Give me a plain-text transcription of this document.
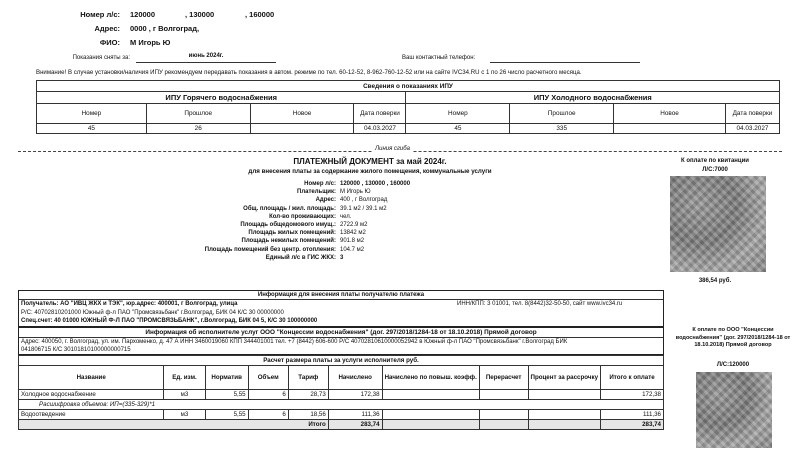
Номер л/с: 120000	, 130000	, 160000
Адрес: 0000 , г Волгоград,
ФИО: М Игорь Ю
Показания сняты за:	июнь 2024г.	Ваш контактный телефон:
Внимание! В случае установки/наличия ИПУ рекомендуем передавать показания в автом. режиме по тел. 60-12-52, 8-962-760-12-52 или на сайте IVC34.RU с 1 по 26 число расчетного месяца.
Сведения о показаниях ИПУ							
ИПУ Горячего водоснабжения				ИПУ Холодного водоснабжения			
Номер	Прошлое	Новое	Дата поверки	Номер	Прошлое	Новое	Дата поверки
45	26		04.03.2027	45	335		04.03.2027
Линия сгиба
ПЛАТЕЖНЫЙ ДОКУМЕНТ за май 2024г.
для внесения платы за содержание жилого помещения, коммунальные услуги
Номер л/с: 120000 , 130000 , 160000
Плательщик: М Игорь Ю
Адрес: 400 , г Волгоград
Общ. площадь / жил. площадь: 39.1 м2 / 39.1 м2
Кол-во проживающих: чел.
Площадь общедомового имущ.: 2722.9 м2
Площадь жилых помещений: 13842 м2
Площадь нежилых помещений: 901.8 м2
Площадь помещений без центр. отопления: 104.7 м2
Единый л/с в ГИС ЖКХ: 3
К оплате по квитанции
Л/С:7000
386,54 руб.
Информация для внесения платы получателю платежа
Получатель: АО "ИВЦ ЖКХ и ТЭК", юр.адрес: 400001, г Волгоград, улица	ИНН/КПП: 3 01001, тел. 8(8442)32-50-50, сайт www.ivc34.ru
Р/С: 40702810201000 Южный ф-л ПАО "Промсвязьбанк" г.Волгоград, БИК 04 К/С 30 00000000
Спец.счет: 40 01000 ЮЖНЫЙ Ф-Л ПАО "ПРОМСВЯЗЬБАНК", г.Волгоград, БИК 04 5, К/С 30 100000000
Информация об исполнителе услуг ООО "Концессии водоснабжения" (дог. 297/2018/1284-18 от 18.10.2018) Прямой договор
Адрес: 400050, г. Волгоград, ул. им. Пархоменко, д. 47 А ИНН 3460019060 КПП 344401001 тел. +7 (8442) 606-600 Р/С 40702810610000052942 в Южный ф-л ПАО "Промсвязьбанк" г.Волгоград БИК
041806715 К/С 30101810100000000715
К оплате по ООО "Концессии водоснабжения" (дог. 297/2018/1284-18 от 18.10.2018) Прямой договор
Л/С:120000
Расчет размера платы за услуги исполнителя руб.									
Название	Ед. изм.	Норматив	Объем	Тариф	Начислено	Начислено по повыш. коэфф.	Перерасчет	Процент за рассрочку	Итого к оплате
Холодное водоснабжение	м3	5,55	6	28,73	172,38				172,38
Расшифровка объемов: ИП=(335-329)*1									
Водоотведение	м3	5,55	6	18,56	111,36				111,36
Итого					283,74				283,74
